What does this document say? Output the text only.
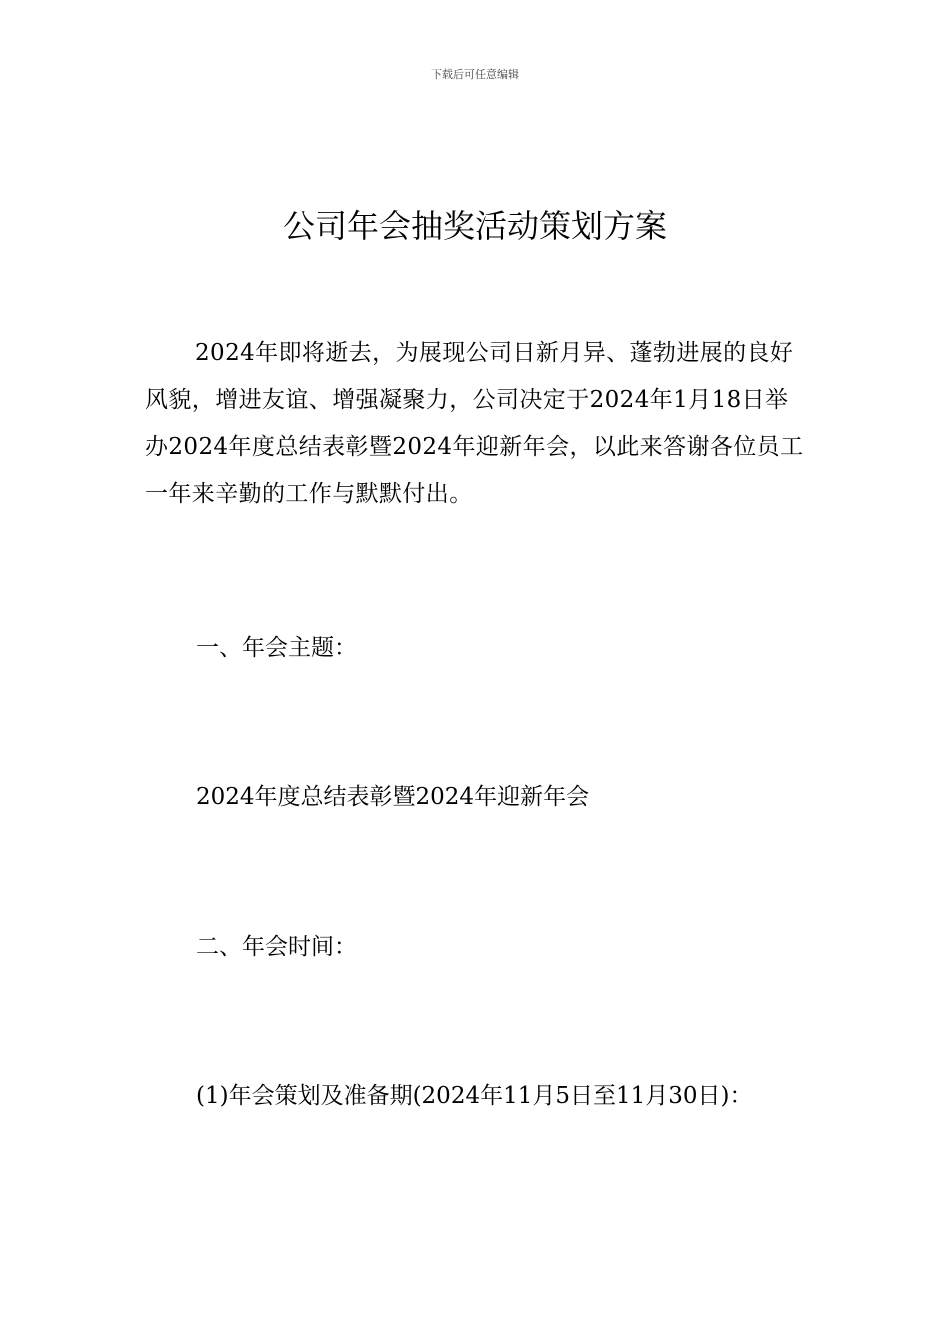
下载后可任意编辑
公司年会抽奖活动策划方案

2024年即将逝去，为展现公司日新月异、蓬勃进展的良好风貌，增进友谊、增强凝聚力，公司决定于2024年1月18日举办2024年度总结表彰暨2024年迎新年会，以此来答谢各位员工一年来辛勤的工作与默默付出。

一、年会主题：
2024年度总结表彰暨2024年迎新年会
二、年会时间：
(1)年会策划及准备期(2024年11月5日至11月30日)：
